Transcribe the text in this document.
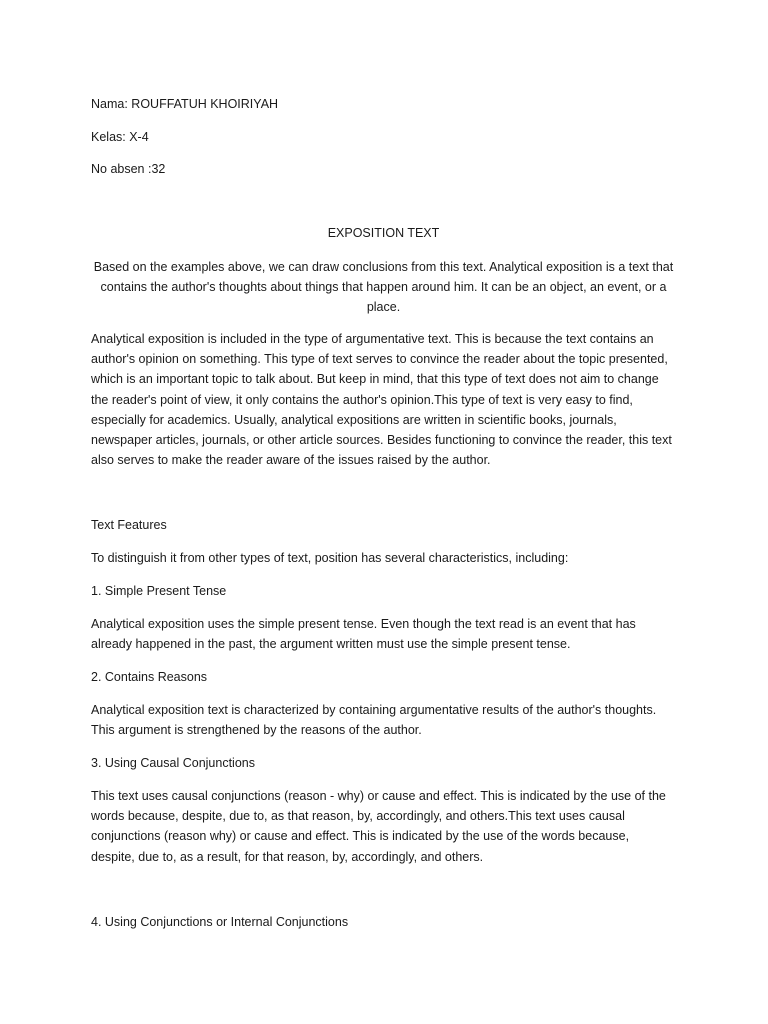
Nama: ROUFFATUH KHOIRIYAH

Kelas: X-4

No absen :32

EXPOSITION TEXT

Based on the examples above, we can draw conclusions from this text. Analytical exposition is a text that contains the author's thoughts about things that happen around him. It can be an object, an event, or a place.

Analytical exposition is included in the type of argumentative text. This is because the text contains an author's opinion on something. This type of text serves to convince the reader about the topic presented, which is an important topic to talk about. But keep in mind, that this type of text does not aim to change the reader's point of view, it only contains the author's opinion.This type of text is very easy to find, especially for academics. Usually, analytical expositions are written in scientific books, journals, newspaper articles, journals, or other article sources. Besides functioning to convince the reader, this text also serves to make the reader aware of the issues raised by the author.

Text Features

To distinguish it from other types of text, position has several characteristics, including:

1. Simple Present Tense

Analytical exposition uses the simple present tense. Even though the text read is an event that has already happened in the past, the argument written must use the simple present tense.

2. Contains Reasons

Analytical exposition text is characterized by containing argumentative results of the author's thoughts. This argument is strengthened by the reasons of the author.

3. Using Causal Conjunctions

This text uses causal conjunctions (reason - why) or cause and effect. This is indicated by the use of the words because, despite, due to, as that reason, by, accordingly, and others.This text uses causal conjunctions (reason why) or cause and effect. This is indicated by the use of the words because, despite, due to, as a result, for that reason, by, accordingly, and others.

4. Using Conjunctions or Internal Conjunctions
